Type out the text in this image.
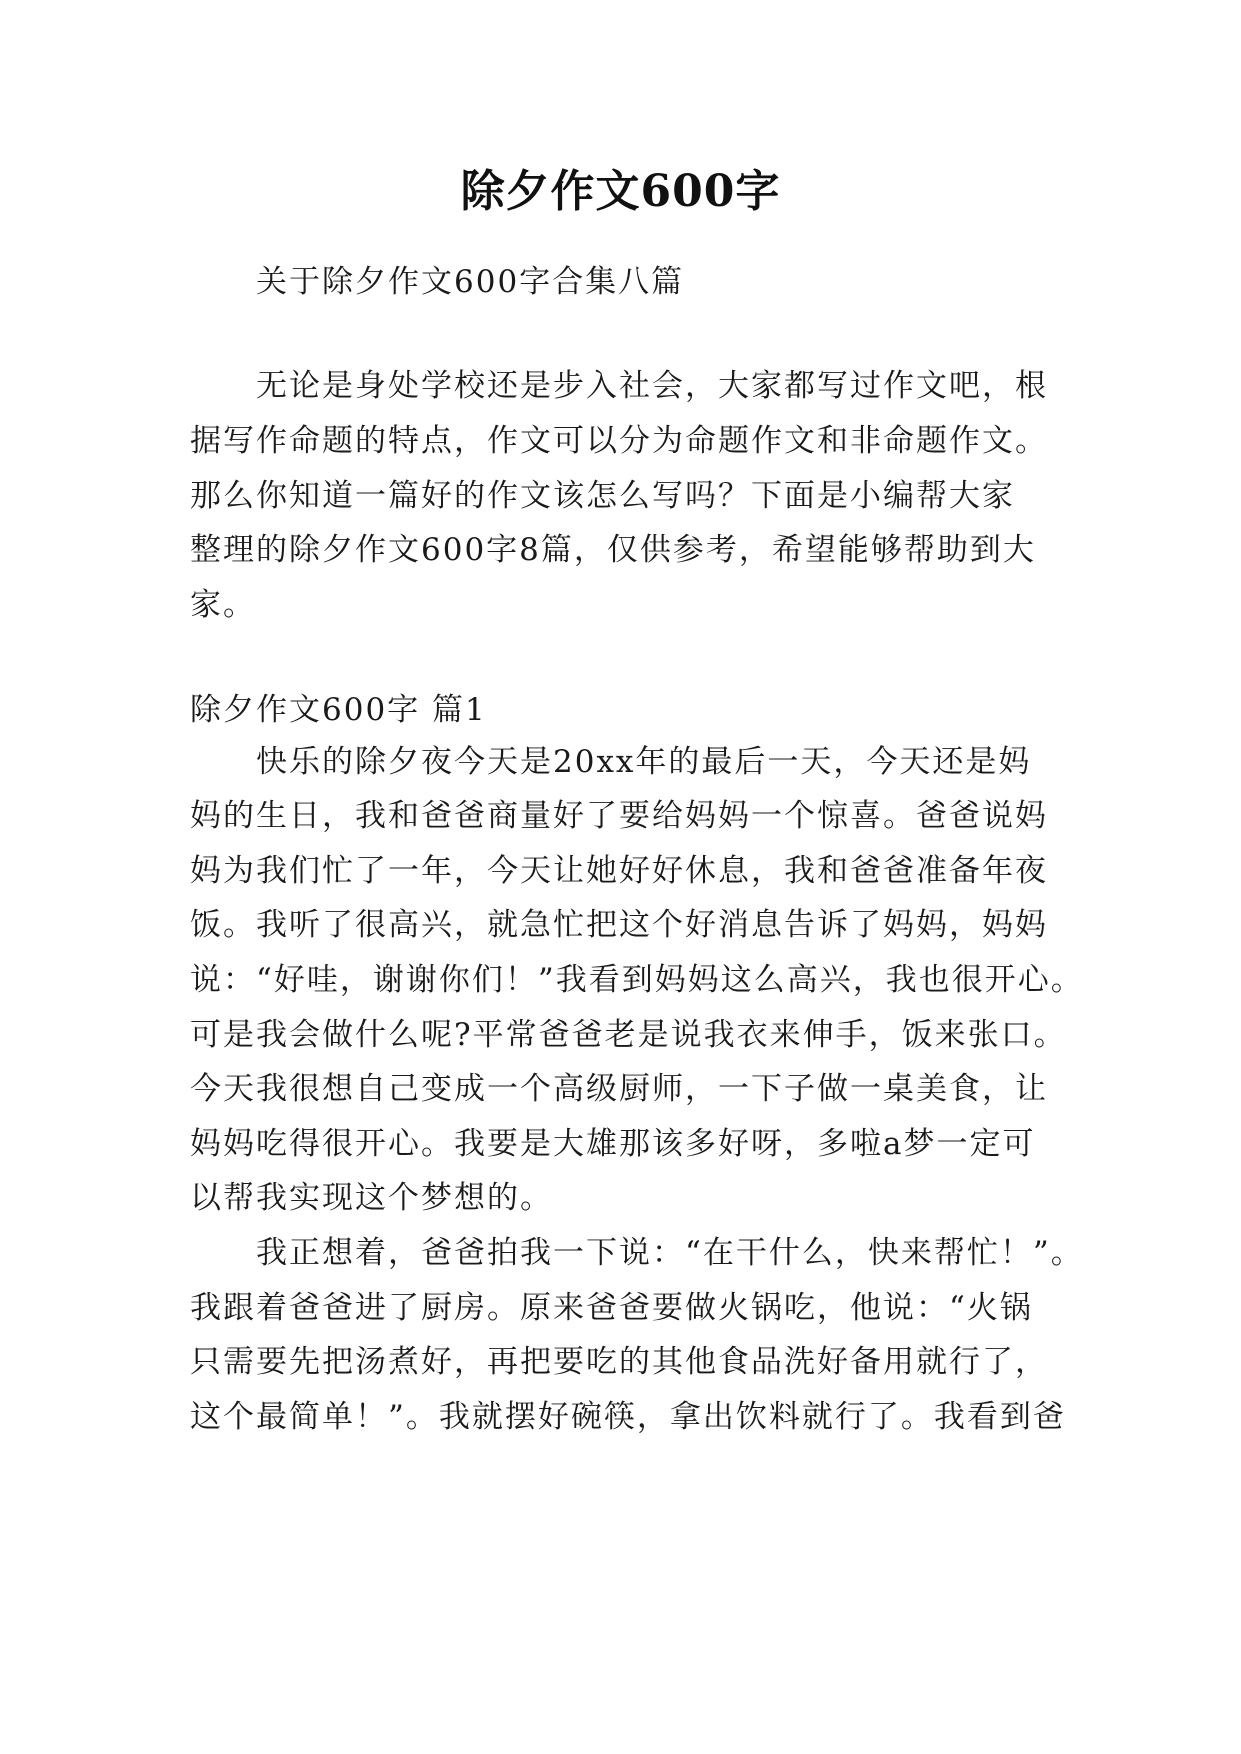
除夕作文600字
关于除夕作文600字合集八篇
无论是身处学校还是步入社会，大家都写过作文吧，根
据写作命题的特点，作文可以分为命题作文和非命题作文。
那么你知道一篇好的作文该怎么写吗？下面是小编帮大家
整理的除夕作文600字8篇，仅供参考，希望能够帮助到大
家。
除夕作文600字 篇1
快乐的除夕夜今天是20xx年的最后一天，今天还是妈
妈的生日，我和爸爸商量好了要给妈妈一个惊喜。爸爸说妈
妈为我们忙了一年，今天让她好好休息，我和爸爸准备年夜
饭。我听了很高兴，就急忙把这个好消息告诉了妈妈，妈妈
说：“好哇，谢谢你们！”我看到妈妈这么高兴，我也很开心。
可是我会做什么呢?平常爸爸老是说我衣来伸手，饭来张口。
今天我很想自己变成一个高级厨师，一下子做一桌美食，让
妈妈吃得很开心。我要是大雄那该多好呀，多啦a梦一定可
以帮我实现这个梦想的。
我正想着，爸爸拍我一下说：“在干什么，快来帮忙！”。
我跟着爸爸进了厨房。原来爸爸要做火锅吃，他说：“火锅
只需要先把汤煮好，再把要吃的其他食品洗好备用就行了，
这个最简单！”。我就摆好碗筷，拿出饮料就行了。我看到爸
